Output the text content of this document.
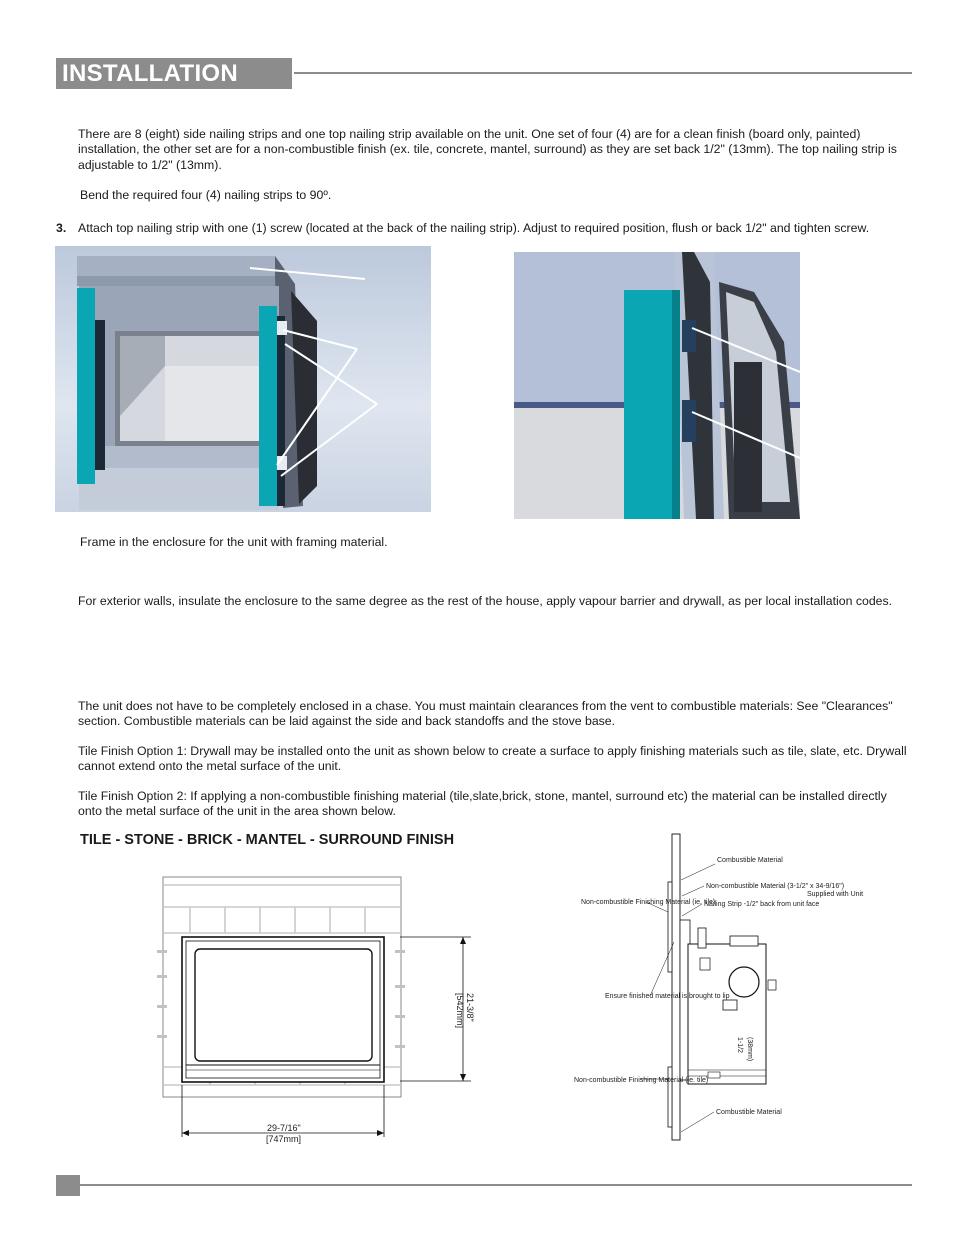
INSTALLATION
There are 8 (eight) side nailing strips and one top nailing strip available on the unit. One set of four (4) are for a clean finish (board only, painted) installation, the other set are for a non-combustible finish (ex. tile, concrete, mantel, surround) as they are set back 1/2" (13mm). The top nailing strip is adjustable to 1/2" (13mm).
Bend the required four (4) nailing strips to 90º.
3. Attach top nailing strip with one (1) screw (located at the back of the nailing strip). Adjust to required position, flush or back 1/2" and tighten screw.
Frame in the enclosure for the unit with framing material.
For exterior walls, insulate the enclosure to the same degree as the rest of the house, apply vapour barrier and drywall, as per local installation codes.
The unit does not have to be completely enclosed in a chase. You must maintain clearances from the vent to combustible materials: See "Clearances" section. Combustible materials can be laid against the side and back standoffs and the stove base.
Tile Finish Option 1: Drywall may be installed onto the unit as shown below to create a surface to apply finishing materials such as tile, slate, etc. Drywall cannot extend onto the metal surface of the unit.
Tile Finish Option 2: If applying a non-combustible finishing material (tile,slate,brick, stone, mantel, surround etc) the material can be installed directly onto the metal surface of the unit in the area shown below.
TILE - STONE - BRICK - MANTEL - SURROUND FINISH
21-3/8"
[542mm]
29-7/16"
[747mm]
Combustible Material
Non-combustible Material (3-1/2" x 34-9/16")
Supplied with Unit
Nailing Strip -1/2" back from unit face
Non-combustible Finishing Material (ie. tile)
Ensure finished material is brought to lip
1-1/2 (38mm)
Non-combustible Finishing Material (ie. tile)
Combustible Material
